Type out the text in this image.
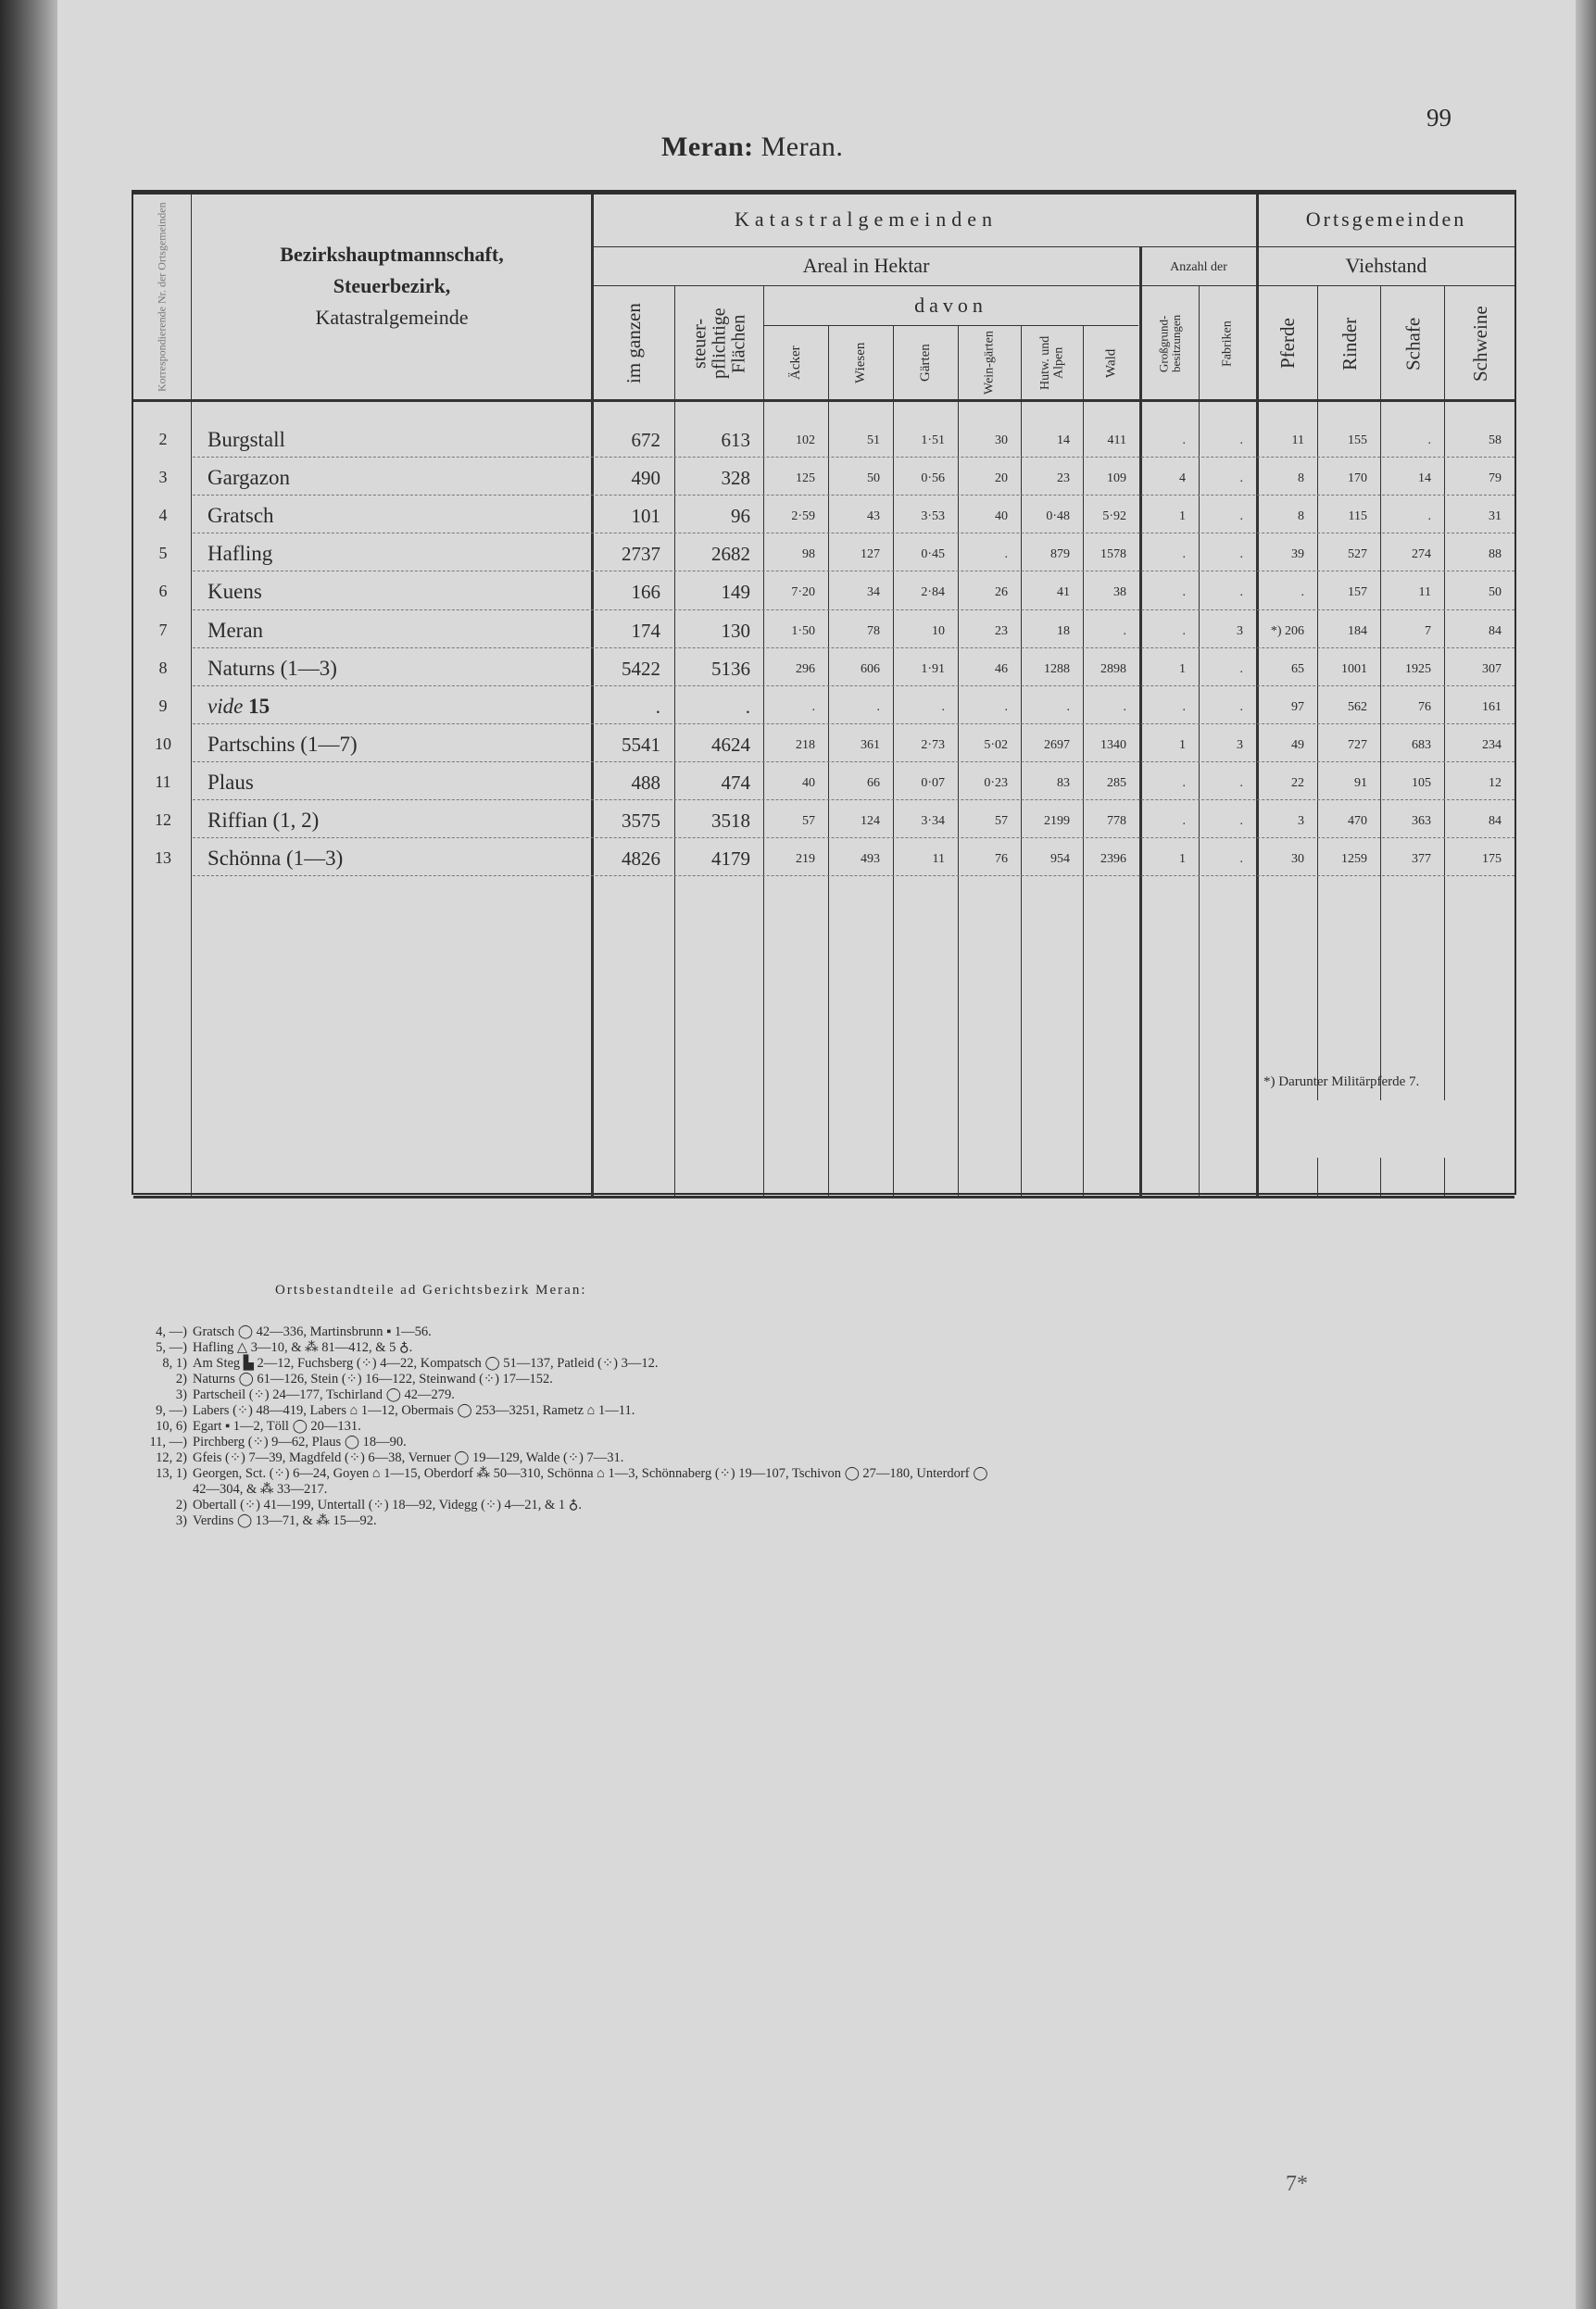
99
Meran: Meran.
Korrespondierende Nr. der Ortsgemeinden	Bezirkshauptmannschaft,
Steuerbezirk,
Katastralgemeinde
Katastralgemeinden	Ortsgemeinden
Areal in Hektar	Anzahl der	Viehstand
davon
im ganzen	steuer-pflichtige Flächen	Äcker	Wiesen	Gärten	Wein-gärten	Hutw. und Alpen	Wald	Großgrund-besitzungen	Fabriken	Pferde	Rinder	Schafe	Schweine
2	Burgstall	672	613	102	51	1·51	30	14	411	.	.	11	155	.	58
3	Gargazon	490	328	125	50	0·56	20	23	109	4	.	8	170	14	79
4	Gratsch	101	96	2·59	43	3·53	40	0·48	5·92	1	.	8	115	.	31
5	Hafling	2737	2682	98	127	0·45	.	879	1578	.	.	39	527	274	88
6	Kuens	166	149	7·20	34	2·84	26	41	38	.	.	.	157	11	50
7	Meran	174	130	1·50	78	10	23	18	.	.	3	*) 206	184	7	84
8	Naturns (1—3)	5422	5136	296	606	1·91	46	1288	2898	1	.	65	1001	1925	307
9	vide 15	.	.	.	.	.	.	.	.	.	.	97	562	76	161
10	Partschins (1—7)	5541	4624	218	361	2·73	5·02	2697	1340	1	3	49	727	683	234
11	Plaus	488	474	40	66	0·07	0·23	83	285	.	.	22	91	105	12
12	Riffian (1, 2)	3575	3518	57	124	3·34	57	2199	778	.	.	3	470	363	84
13	Schönna (1—3)	4826	4179	219	493	11	76	954	2396	1	.	30	1259	377	175
*) Darunter Militärpferde 7.
Ortsbestandteile ad Gerichtsbezirk Meran:
4, —) Gratsch ◯ 42—336, Martinsbrunn ▪ 1—56.
5, —) Hafling △ 3—10, & ⁂ 81—412, & 5 ♁.
8, 1) Am Steg ▙ 2—12, Fuchsberg (⁘) 4—22, Kompatsch ◯ 51—137, Patleid (⁘) 3—12.
2) Naturns ◯ 61—126, Stein (⁘) 16—122, Steinwand (⁘) 17—152.
3) Partscheil (⁘) 24—177, Tschirland ◯ 42—279.
9, —) Labers (⁘) 48—419, Labers ⌂ 1—12, Obermais ◯ 253—3251, Rametz ⌂ 1—11.
10, 6) Egart ▪ 1—2, Töll ◯ 20—131.
11, —) Pirchberg (⁘) 9—62, Plaus ◯ 18—90.
12, 2) Gfeis (⁘) 7—39, Magdfeld (⁘) 6—38, Vernuer ◯ 19—129, Walde (⁘) 7—31.
13, 1) Georgen, Sct. (⁘) 6—24, Goyen ⌂ 1—15, Oberdorf ⁂ 50—310, Schönna ⌂ 1—3, Schönnaberg (⁘) 19—107, Tschivon ◯ 27—180, Unterdorf ◯
42—304, & ⁂ 33—217.
2) Obertall (⁘) 41—199, Untertall (⁘) 18—92, Videgg (⁘) 4—21, & 1 ♁.
3) Verdins ◯ 13—71, & ⁂ 15—92.
7*
